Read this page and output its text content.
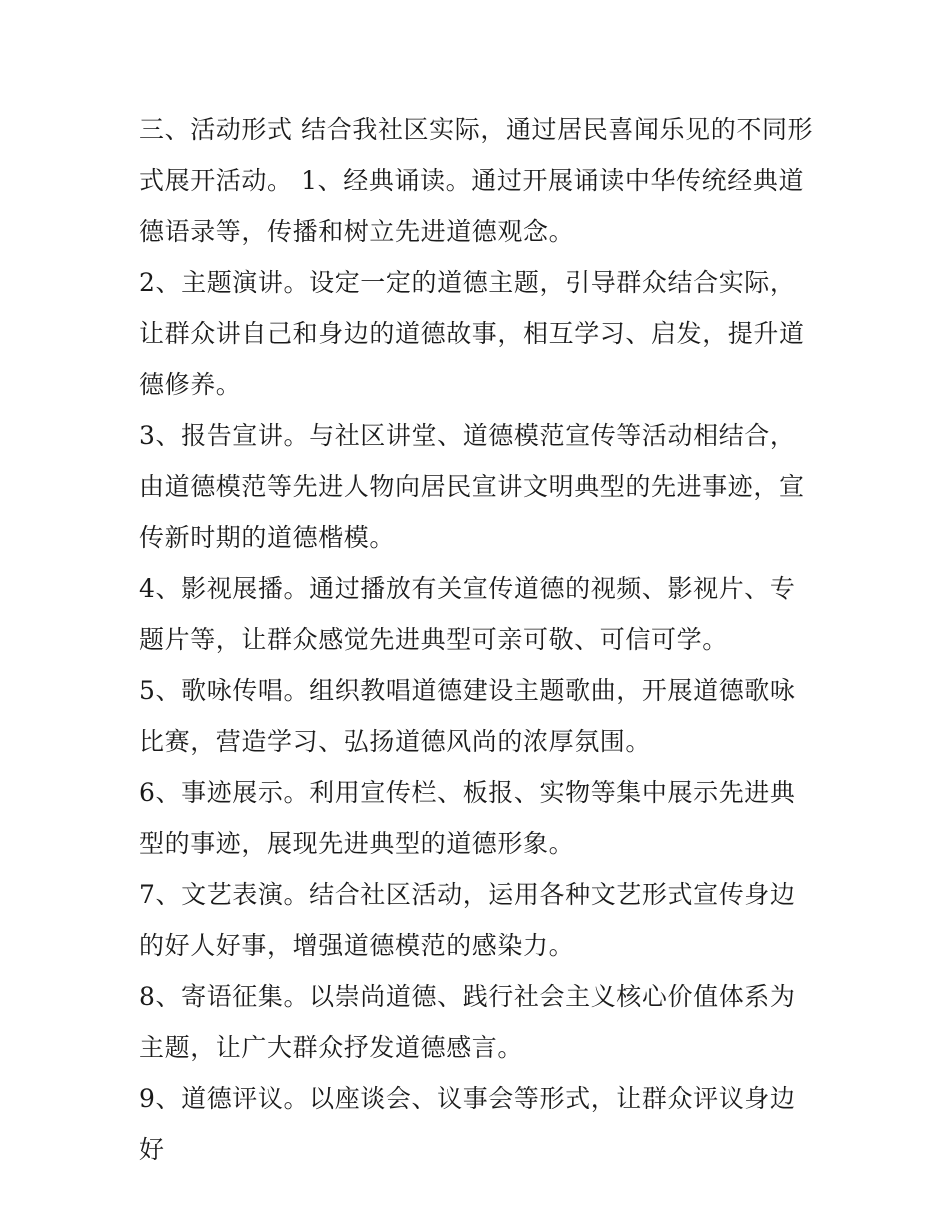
三、活动形式 结合我社区实际，通过居民喜闻乐见的不同形式展开活动。 1、经典诵读。通过开展诵读中华传统经典道德语录等，传播和树立先进道德观念。

2、主题演讲。设定一定的道德主题，引导群众结合实际，让群众讲自己和身边的道德故事，相互学习、启发，提升道德修养。

3、报告宣讲。与社区讲堂、道德模范宣传等活动相结合，由道德模范等先进人物向居民宣讲文明典型的先进事迹，宣传新时期的道德楷模。

4、影视展播。通过播放有关宣传道德的视频、影视片、专题片等，让群众感觉先进典型可亲可敬、可信可学。

5、歌咏传唱。组织教唱道德建设主题歌曲，开展道德歌咏比赛，营造学习、弘扬道德风尚的浓厚氛围。

6、事迹展示。利用宣传栏、板报、实物等集中展示先进典型的事迹，展现先进典型的道德形象。

7、文艺表演。结合社区活动，运用各种文艺形式宣传身边的好人好事，增强道德模范的感染力。

8、寄语征集。以崇尚道德、践行社会主义核心价值体系为主题，让广大群众抒发道德感言。

9、道德评议。以座谈会、议事会等形式，让群众评议身边好
